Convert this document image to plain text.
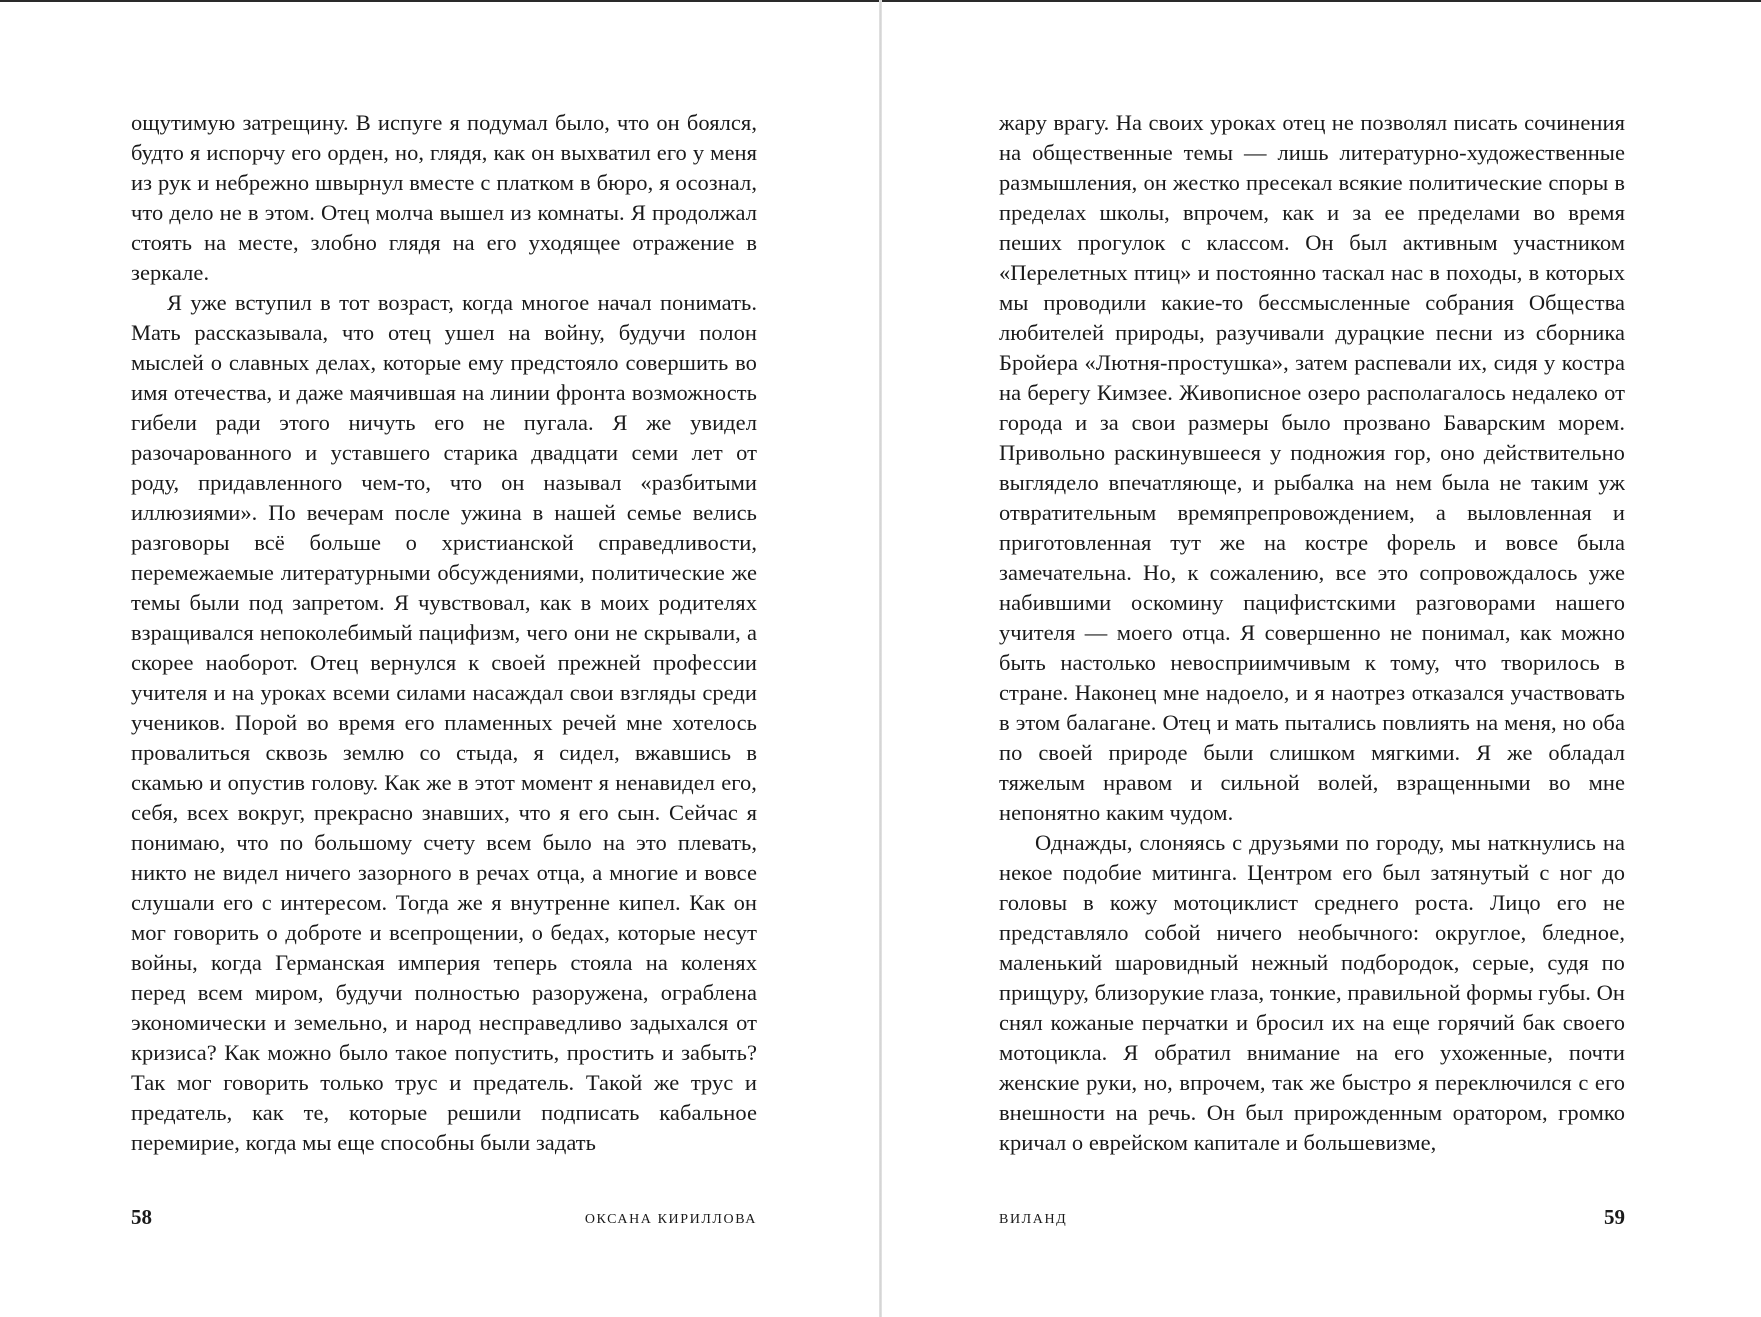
ощутимую затрещину. В испуге я подумал было, что он боялся, будто я испорчу его орден, но, глядя, как он выхватил его у меня из рук и небрежно швырнул вместе с платком в бюро, я осознал, что дело не в этом. Отец молча вышел из комнаты. Я продолжал стоять на месте, злобно глядя на его уходящее отражение в зеркале.

Я уже вступил в тот возраст, когда многое начал понимать. Мать рассказывала, что отец ушел на войну, будучи полон мыслей о славных делах, которые ему предстояло совершить во имя отечества, и даже маячившая на линии фронта возможность гибели ради этого ничуть его не пугала. Я же увидел разочарованного и уставшего старика двадцати семи лет от роду, придавленного чем-то, что он называл «разбитыми иллюзиями». По вечерам после ужина в нашей семье велись разговоры всё больше о христианской справедливости, перемежаемые литературными обсуждениями, политические же темы были под запретом. Я чувствовал, как в моих родителях взращивался непоколебимый пацифизм, чего они не скрывали, а скорее наоборот. Отец вернулся к своей прежней профессии учителя и на уроках всеми силами насаждал свои взгляды среди учеников. Порой во время его пламенных речей мне хотелось провалиться сквозь землю со стыда, я сидел, вжавшись в скамью и опустив голову. Как же в этот момент я ненавидел его, себя, всех вокруг, прекрасно знавших, что я его сын. Сейчас я понимаю, что по большому счету всем было на это плевать, никто не видел ничего зазорного в речах отца, а многие и вовсе слушали его с интересом. Тогда же я внутренне кипел. Как он мог говорить о доброте и всепрощении, о бедах, которые несут войны, когда Германская империя теперь стояла на коленях перед всем миром, будучи полностью разоружена, ограблена экономически и земельно, и народ несправедливо задыхался от кризиса? Как можно было такое попустить, простить и забыть? Так мог говорить только трус и предатель. Такой же трус и предатель, как те, которые решили подписать кабальное перемирие, когда мы еще способны были задать

58	ОКСАНА КИРИЛЛОВА

жару врагу. На своих уроках отец не позволял писать сочинения на общественные темы — лишь литературно-художественные размышления, он жестко пресекал всякие политические споры в пределах школы, впрочем, как и за ее пределами во время пеших прогулок с классом. Он был активным участником «Перелетных птиц» и постоянно таскал нас в походы, в которых мы проводили какие-то бессмысленные собрания Общества любителей природы, разучивали дурацкие песни из сборника Бройера «Лютня-простушка», затем распевали их, сидя у костра на берегу Кимзее. Живописное озеро располагалось недалеко от города и за свои размеры было прозвано Баварским морем. Привольно раскинувшееся у подножия гор, оно действительно выглядело впечатляюще, и рыбалка на нем была не таким уж отвратительным времяпрепровождением, а выловленная и приготовленная тут же на костре форель и вовсе была замечательна. Но, к сожалению, все это сопровождалось уже набившими оскомину пацифистскими разговорами нашего учителя — моего отца. Я совершенно не понимал, как можно быть настолько невосприимчивым к тому, что творилось в стране. Наконец мне надоело, и я наотрез отказался участвовать в этом балагане. Отец и мать пытались повлиять на меня, но оба по своей природе были слишком мягкими. Я же обладал тяжелым нравом и сильной волей, взращенными во мне непонятно каким чудом.

Однажды, слоняясь с друзьями по городу, мы наткнулись на некое подобие митинга. Центром его был затянутый с ног до головы в кожу мотоциклист среднего роста. Лицо его не представляло собой ничего необычного: округлое, бледное, маленький шаровидный нежный подбородок, серые, судя по прищуру, близорукие глаза, тонкие, правильной формы губы. Он снял кожаные перчатки и бросил их на еще горячий бак своего мотоцикла. Я обратил внимание на его ухоженные, почти женские руки, но, впрочем, так же быстро я переключился с его внешности на речь. Он был прирожденным оратором, громко кричал о еврейском капитале и большевизме,

ВИЛАНД	59
